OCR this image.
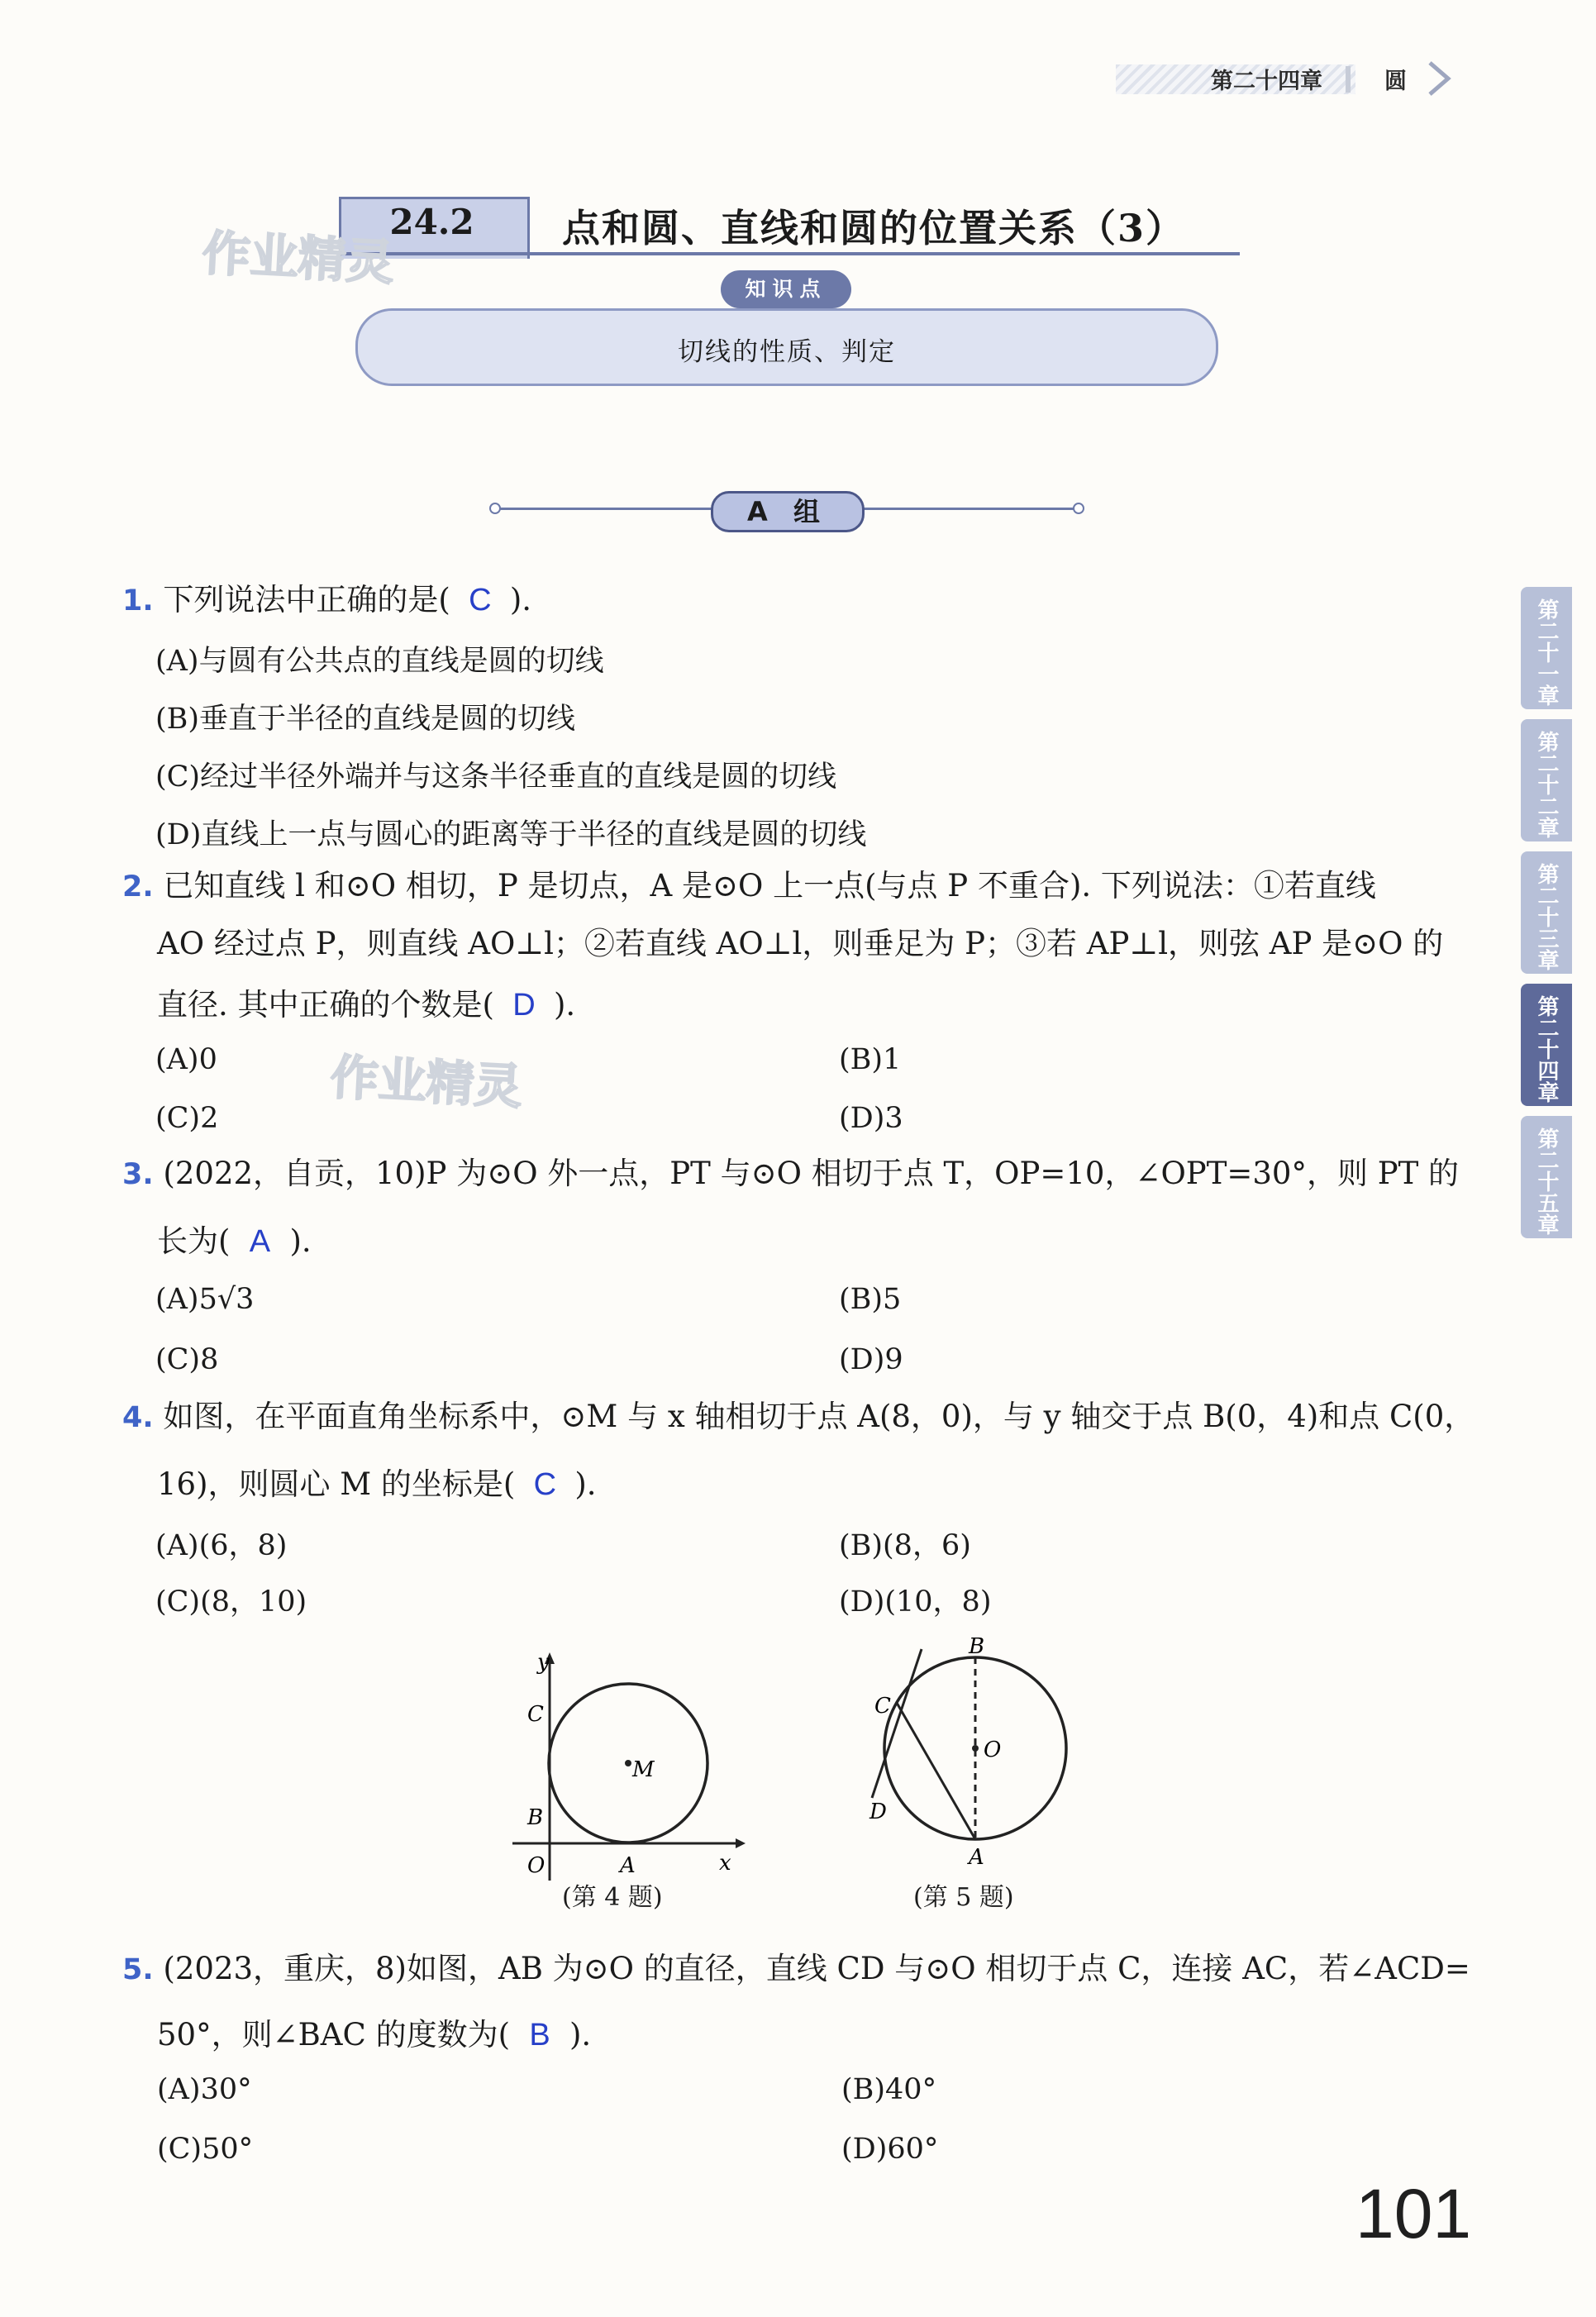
第二十四章	圆
24.2	点和圆、直线和圆的位置关系（3）
作业精灵	知识点
切线的性质、判定
A 组
1. 下列说法中正确的是( C ).
(A)与圆有公共点的直线是圆的切线
(B)垂直于半径的直线是圆的切线
(C)经过半径外端并与这条半径垂直的直线是圆的切线
(D)直线上一点与圆心的距离等于半径的直线是圆的切线
2. 已知直线 l 和⊙O 相切，P 是切点，A 是⊙O 上一点(与点 P 不重合). 下列说法：①若直线
AO 经过点 P，则直线 AO⊥l；②若直线 AO⊥l，则垂足为 P；③若 AP⊥l，则弦 AP 是⊙O 的
直径. 其中正确的个数是( D ).
(A)0	(B)1
(C)2	(D)3
作业精灵
3. (2022，自贡，10)P 为⊙O 外一点，PT 与⊙O 相切于点 T，OP=10，∠OPT=30°，则 PT 的
长为( A ).
(A)5√3	(B)5
(C)8	(D)9
4. 如图，在平面直角坐标系中，⊙M 与 x 轴相切于点 A(8，0)，与 y 轴交于点 B(0，4)和点 C(0，
16)，则圆心 M 的坐标是( C ).
(A)(6，8)	(B)(8，6)
(C)(8，10)	(D)(10，8)
y
x
O	A
B
C
M
(第 4 题)
B
A
C
D
O
(第 5 题)
5. (2023，重庆，8)如图，AB 为⊙O 的直径，直线 CD 与⊙O 相切于点 C，连接 AC，若∠ACD=
50°，则∠BAC 的度数为( B ).
(A)30°	(B)40°
(C)50°	(D)60°
第二十一章
第二十二章
第二十三章
第二十四章
第二十五章
101
